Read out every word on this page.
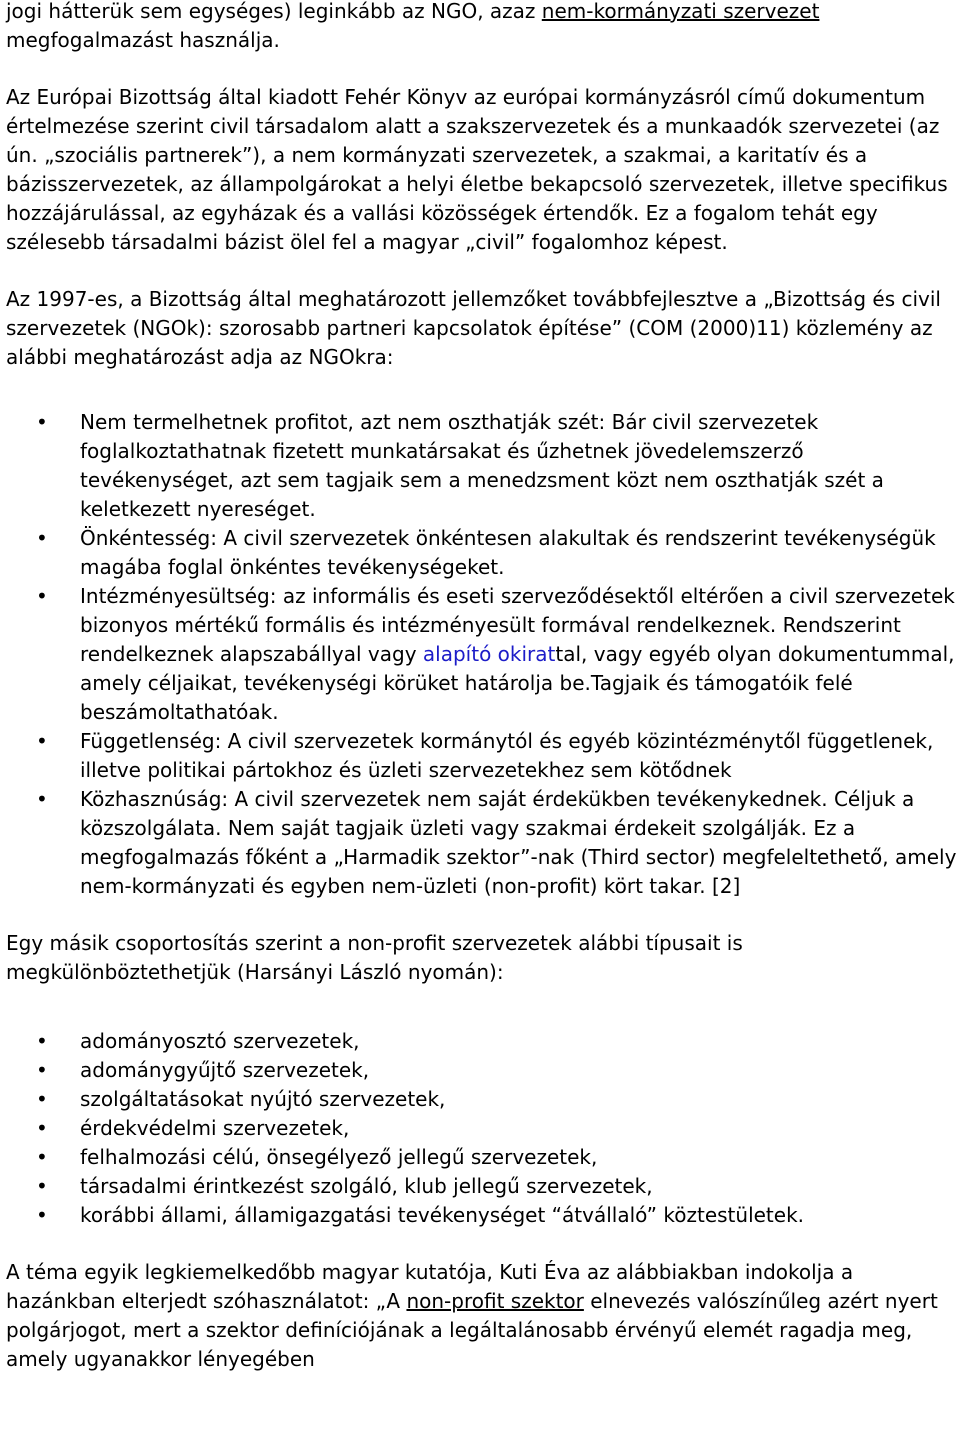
jogi hátterük sem egységes) leginkább az NGO, azaz nem-kormányzati szervezet megfogalmazást használja.

Az Európai Bizottság által kiadott Fehér Könyv az európai kormányzásról című dokumentum értelmezése szerint civil társadalom alatt a szakszervezetek és a munkaadók szervezetei (az ún. „szociális partnerek”), a nem kormányzati szervezetek, a szakmai, a karitatív és a bázisszervezetek, az állampolgárokat a helyi életbe bekapcsoló szervezetek, illetve specifikus hozzájárulással, az egyházak és a vallási közösségek értendők. Ez a fogalom tehát egy szélesebb társadalmi bázist ölel fel a magyar „civil” fogalomhoz képest.

Az 1997-es, a Bizottság által meghatározott jellemzőket továbbfejlesztve a „Bizottság és civil szervezetek (NGOk): szorosabb partneri kapcsolatok építése” (COM (2000)11) közlemény az alábbi meghatározást adja az NGOkra:

• Nem termelhetnek profitot, azt nem oszthatják szét: Bár civil szervezetek foglalkoztathatnak fizetett munkatársakat és űzhetnek jövedelemszerző tevékenységet, azt sem tagjaik sem a menedzsment közt nem oszthatják szét a keletkezett nyereséget.
• Önkéntesség: A civil szervezetek önkéntesen alakultak és rendszerint tevékenységük magába foglal önkéntes tevékenységeket.
• Intézményesültség: az informális és eseti szerveződésektől eltérően a civil szervezetek bizonyos mértékű formális és intézményesült formával rendelkeznek. Rendszerint rendelkeznek alapszabállyal vagy alapító okirattal, vagy egyéb olyan dokumentummal, amely céljaikat, tevékenységi körüket határolja be.Tagjaik és támogatóik felé beszámoltathatóak.
• Függetlenség: A civil szervezetek kormánytól és egyéb közintézménytől függetlenek, illetve politikai pártokhoz és üzleti szervezetekhez sem kötődnek
• Közhasznúság: A civil szervezetek nem saját érdekükben tevékenykednek. Céljuk a közszolgálata. Nem saját tagjaik üzleti vagy szakmai érdekeit szolgálják. Ez a megfogalmazás főként a „Harmadik szektor”-nak (Third sector) megfeleltethető, amely nem-kormányzati és egyben nem-üzleti (non-profit) kört takar. [2]

Egy másik csoportosítás szerint a non-profit szervezetek alábbi típusait is megkülönböztethetjük (Harsányi László nyomán):

• adományosztó szervezetek,
• adománygyűjtő szervezetek,
• szolgáltatásokat nyújtó szervezetek,
• érdekvédelmi szervezetek,
• felhalmozási célú, önsegélyező jellegű szervezetek,
• társadalmi érintkezést szolgáló, klub jellegű szervezetek,
• korábbi állami, államigazgatási tevékenységet “átvállaló” köztestületek.

A téma egyik legkiemelkedőbb magyar kutatója, Kuti Éva az alábbiakban indokolja a hazánkban elterjedt szóhasználatot: „A non-profit szektor elnevezés valószínűleg azért nyert polgárjogot, mert a szektor definíciójának a legáltalánosabb érvényű elemét ragadja meg, amely ugyanakkor lényegében
